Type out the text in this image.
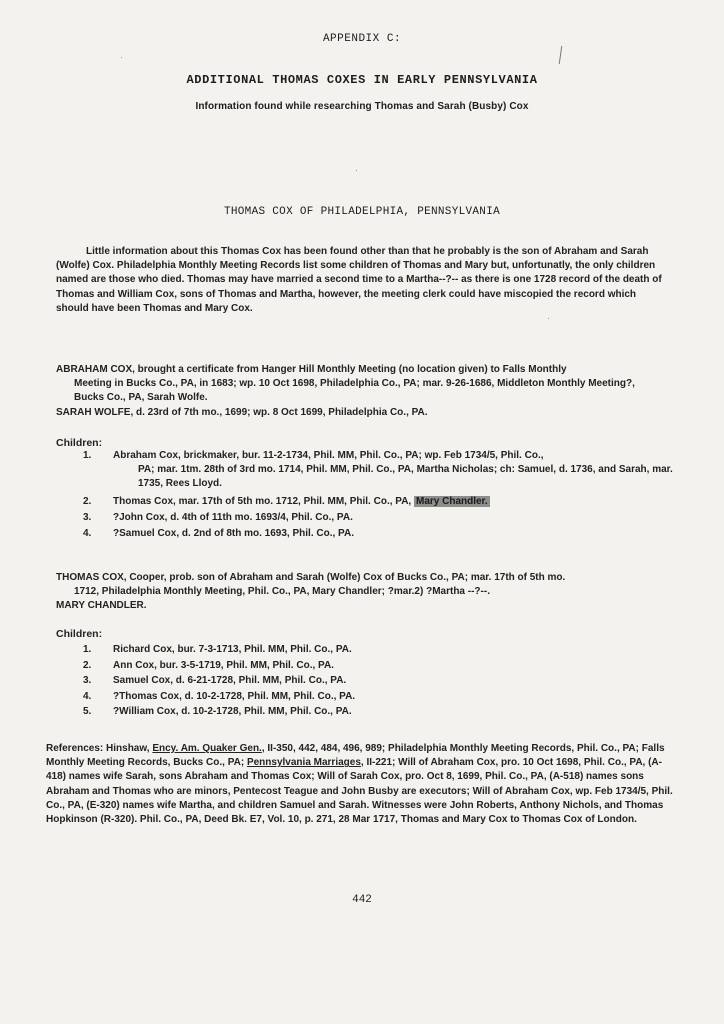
APPENDIX C:

ADDITIONAL THOMAS COXES IN EARLY PENNSYLVANIA

Information found while researching Thomas and Sarah (Busby) Cox

THOMAS COX OF PHILADELPHIA, PENNSYLVANIA

Little information about this Thomas Cox has been found other than that he probably is the son of Abraham and Sarah (Wolfe) Cox. Philadelphia Monthly Meeting Records list some children of Thomas and Mary but, unfortunatly, the only children named are those who died. Thomas may have married a second time to a Martha--?-- as there is one 1728 record of the death of Thomas and William Cox, sons of Thomas and Martha, however, the meeting clerk could have miscopied the record which should have been Thomas and Mary Cox.

ABRAHAM COX, brought a certificate from Hanger Hill Monthly Meeting (no location given) to Falls Monthly
Meeting in Bucks Co., PA, in 1683; wp. 10 Oct 1698, Philadelphia Co., PA; mar. 9-26-1686, Middleton Monthly Meeting?, Bucks Co., PA, Sarah Wolfe.
SARAH WOLFE, d. 23rd of 7th mo., 1699; wp. 8 Oct 1699, Philadelphia Co., PA.
Children:
1. Abraham Cox, brickmaker, bur. 11-2-1734, Phil. MM, Phil. Co., PA; wp. Feb 1734/5, Phil. Co.,
PA; mar. 1tm. 28th of 3rd mo. 1714, Phil. MM, Phil. Co., PA, Martha Nicholas; ch: Samuel, d. 1736, and Sarah, mar. 1735, Rees Lloyd.
2. Thomas Cox, mar. 17th of 5th mo. 1712, Phil. MM, Phil. Co., PA, Mary Chandler.
3. ?John Cox, d. 4th of 11th mo. 1693/4, Phil. Co., PA.
4. ?Samuel Cox, d. 2nd of 8th mo. 1693, Phil. Co., PA.
THOMAS COX, Cooper, prob. son of Abraham and Sarah (Wolfe) Cox of Bucks Co., PA; mar. 17th of 5th mo.
1712, Philadelphia Monthly Meeting, Phil. Co., PA, Mary Chandler; ?mar.2) ?Martha --?--.
MARY CHANDLER.
Children:
1. Richard Cox, bur. 7-3-1713, Phil. MM, Phil. Co., PA.
2. Ann Cox, bur. 3-5-1719, Phil. MM, Phil. Co., PA.
3. Samuel Cox, d. 6-21-1728, Phil. MM, Phil. Co., PA.
4. ?Thomas Cox, d. 10-2-1728, Phil. MM, Phil. Co., PA.
5. ?William Cox, d. 10-2-1728, Phil. MM, Phil. Co., PA.

References: Hinshaw, Ency. Am. Quaker Gen., II-350, 442, 484, 496, 989; Philadelphia Monthly Meeting Records, Phil. Co., PA; Falls Monthly Meeting Records, Bucks Co., PA; Pennsylvania Marriages, II-221; Will of Abraham Cox, pro. 10 Oct 1698, Phil. Co., PA, (A-418) names wife Sarah, sons Abraham and Thomas Cox; Will of Sarah Cox, pro. Oct 8, 1699, Phil. Co., PA, (A-518) names sons Abraham and Thomas who are minors, Pentecost Teague and John Busby are executors; Will of Abraham Cox, wp. Feb 1734/5, Phil. Co., PA, (E-320) names wife Martha, and children Samuel and Sarah. Witnesses were John Roberts, Anthony Nichols, and Thomas Hopkinson (R-320). Phil. Co., PA, Deed Bk. E7, Vol. 10, p. 271, 28 Mar 1717, Thomas and Mary Cox to Thomas Cox of London.

442
